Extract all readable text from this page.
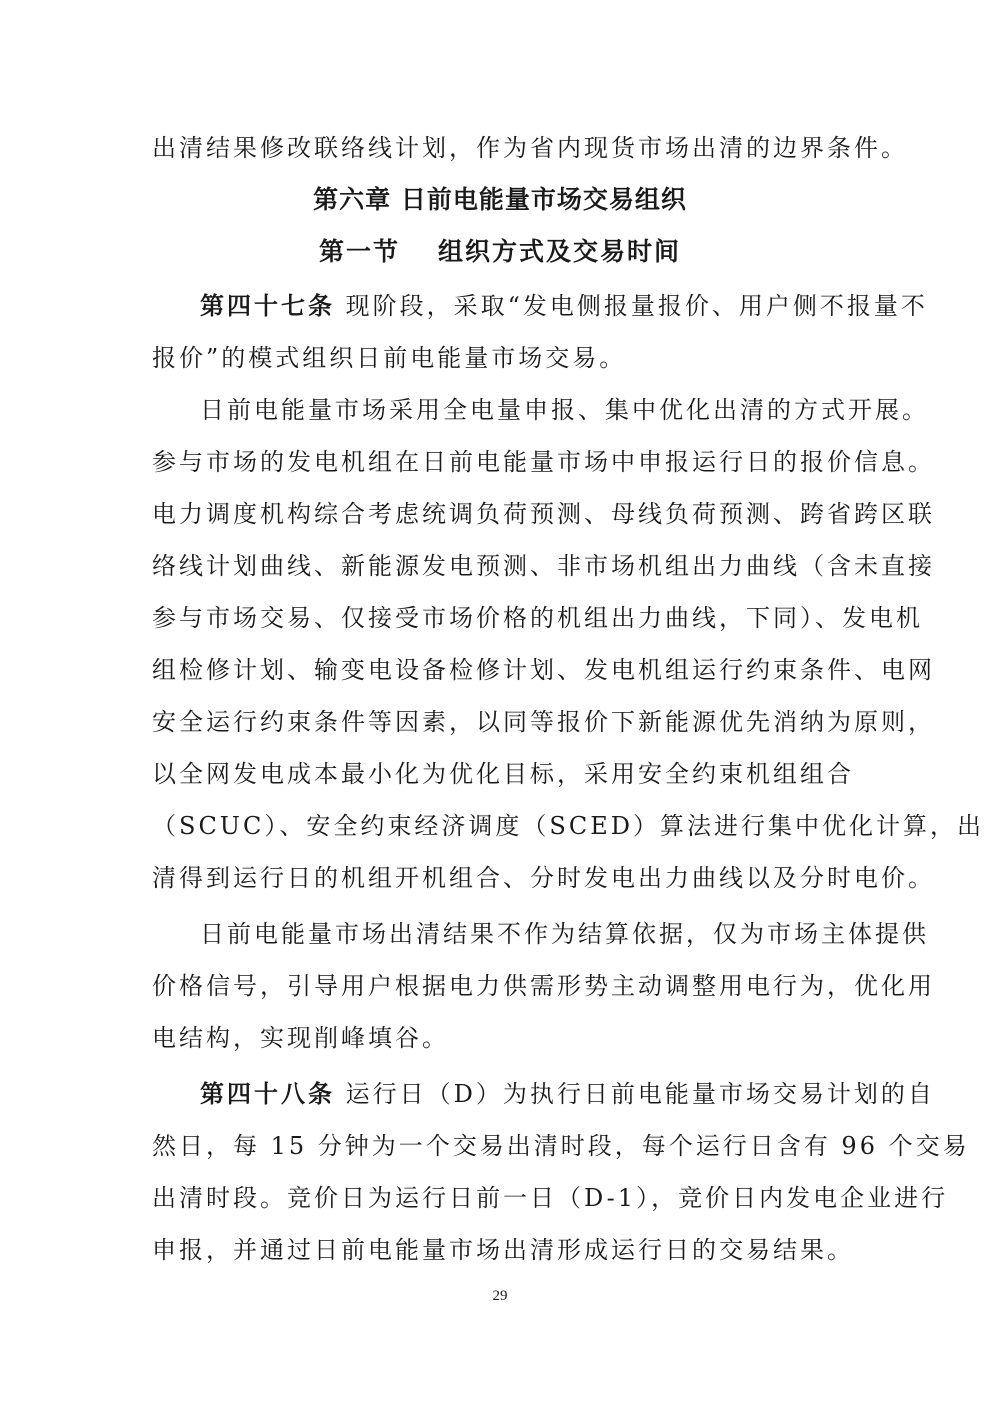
出清结果修改联络线计划，作为省内现货市场出清的边界条件。
第六章 日前电能量市场交易组织
第一节 组织方式及交易时间
第四十七条 现阶段，采取“发电侧报量报价、用户侧不报量不
报价”的模式组织日前电能量市场交易。
日前电能量市场采用全电量申报、集中优化出清的方式开展。
参与市场的发电机组在日前电能量市场中申报运行日的报价信息。
电力调度机构综合考虑统调负荷预测、母线负荷预测、跨省跨区联
络线计划曲线、新能源发电预测、非市场机组出力曲线（含未直接
参与市场交易、仅接受市场价格的机组出力曲线，下同）、发电机
组检修计划、输变电设备检修计划、发电机组运行约束条件、电网
安全运行约束条件等因素，以同等报价下新能源优先消纳为原则，
以全网发电成本最小化为优化目标，采用安全约束机组组合
（SCUC）、安全约束经济调度（SCED）算法进行集中优化计算，出
清得到运行日的机组开机组合、分时发电出力曲线以及分时电价。
日前电能量市场出清结果不作为结算依据，仅为市场主体提供
价格信号，引导用户根据电力供需形势主动调整用电行为，优化用
电结构，实现削峰填谷。
第四十八条 运行日（D）为执行日前电能量市场交易计划的自
然日，每 15 分钟为一个交易出清时段，每个运行日含有 96 个交易
出清时段。竞价日为运行日前一日（D-1），竞价日内发电企业进行
申报，并通过日前电能量市场出清形成运行日的交易结果。
29
